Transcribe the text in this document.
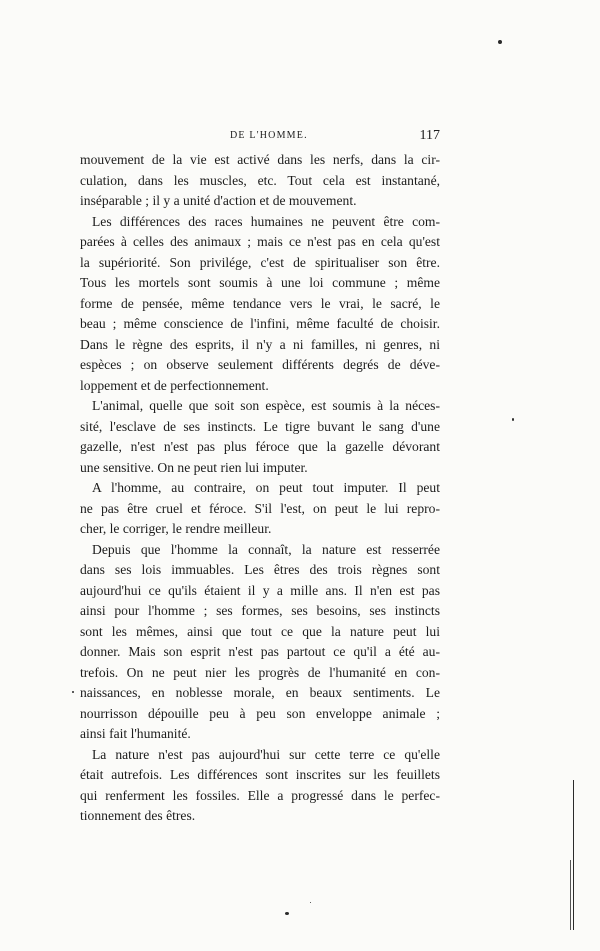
DE L'HOMME.	117
mouvement de la vie est activé dans les nerfs, dans la cir-
culation, dans les muscles, etc. Tout cela est instantané,
inséparable ; il y a unité d'action et de mouvement.
Les différences des races humaines ne peuvent être com-
parées à celles des animaux ; mais ce n'est pas en cela qu'est
la supériorité. Son privilége, c'est de spiritualiser son être.
Tous les mortels sont soumis à une loi commune ; même
forme de pensée, même tendance vers le vrai, le sacré, le
beau ; même conscience de l'infini, même faculté de choisir.
Dans le règne des esprits, il n'y a ni familles, ni genres, ni
espèces ; on observe seulement différents degrés de déve-
loppement et de perfectionnement.
L'animal, quelle que soit son espèce, est soumis à la néces-
sité, l'esclave de ses instincts. Le tigre buvant le sang d'une
gazelle, n'est n'est pas plus féroce que la gazelle dévorant
une sensitive. On ne peut rien lui imputer.
A l'homme, au contraire, on peut tout imputer. Il peut
ne pas être cruel et féroce. S'il l'est, on peut le lui repro-
cher, le corriger, le rendre meilleur.
Depuis que l'homme la connaît, la nature est resserrée
dans ses lois immuables. Les êtres des trois règnes sont
aujourd'hui ce qu'ils étaient il y a mille ans. Il n'en est pas
ainsi pour l'homme ; ses formes, ses besoins, ses instincts
sont les mêmes, ainsi que tout ce que la nature peut lui
donner. Mais son esprit n'est pas partout ce qu'il a été au-
trefois. On ne peut nier les progrès de l'humanité en con-
naissances, en noblesse morale, en beaux sentiments. Le
nourrisson dépouille peu à peu son enveloppe animale ;
ainsi fait l'humanité.
La nature n'est pas aujourd'hui sur cette terre ce qu'elle
était autrefois. Les différences sont inscrites sur les feuillets
qui renferment les fossiles. Elle a progressé dans le perfec-
tionnement des êtres.
